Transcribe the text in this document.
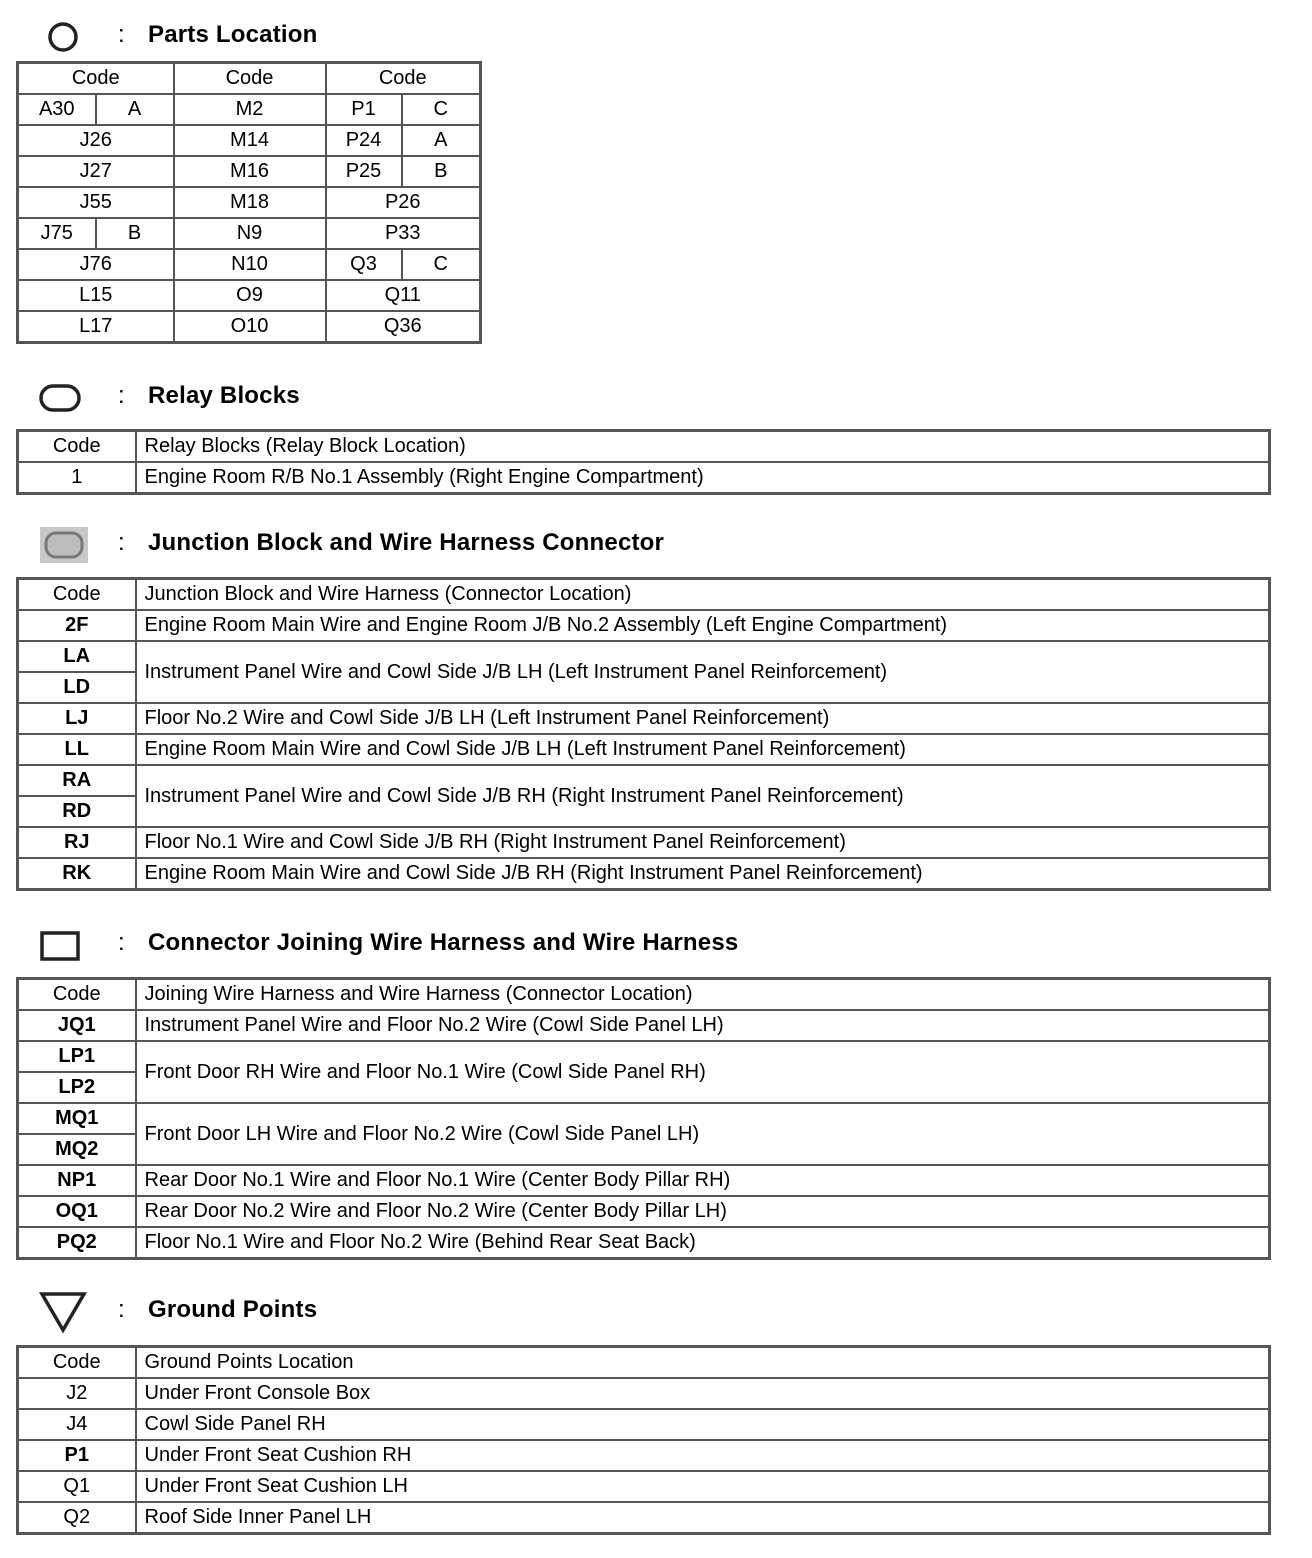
: Parts Location
Code		Code	Code	
A30	A	M2	P1	C
J26		M14	P24	A
J27		M16	P25	B
J55		M18	P26	
J75	B	N9	P33	
J76		N10	Q3	C
L15		O9	Q11	
L17		O10	Q36	
: Relay Blocks
Code	Relay Blocks (Relay Block Location)
1	Engine Room R/B No.1 Assembly (Right Engine Compartment)
: Junction Block and Wire Harness Connector
Code	Junction Block and Wire Harness (Connector Location)
2F	Engine Room Main Wire and Engine Room J/B No.2 Assembly (Left Engine Compartment)
LA	Instrument Panel Wire and Cowl Side J/B LH (Left Instrument Panel Reinforcement)
LD	
LJ	Floor No.2 Wire and Cowl Side J/B LH (Left Instrument Panel Reinforcement)
LL	Engine Room Main Wire and Cowl Side J/B LH (Left Instrument Panel Reinforcement)
RA	Instrument Panel Wire and Cowl Side J/B RH (Right Instrument Panel Reinforcement)
RD	
RJ	Floor No.1 Wire and Cowl Side J/B RH (Right Instrument Panel Reinforcement)
RK	Engine Room Main Wire and Cowl Side J/B RH (Right Instrument Panel Reinforcement)
: Connector Joining Wire Harness and Wire Harness
Code	Joining Wire Harness and Wire Harness (Connector Location)
JQ1	Instrument Panel Wire and Floor No.2 Wire (Cowl Side Panel LH)
LP1	Front Door RH Wire and Floor No.1 Wire (Cowl Side Panel RH)
LP2	
MQ1	Front Door LH Wire and Floor No.2 Wire (Cowl Side Panel LH)
MQ2	
NP1	Rear Door No.1 Wire and Floor No.1 Wire (Center Body Pillar RH)
OQ1	Rear Door No.2 Wire and Floor No.2 Wire (Center Body Pillar LH)
PQ2	Floor No.1 Wire and Floor No.2 Wire (Behind Rear Seat Back)
: Ground Points
Code	Ground Points Location
J2	Under Front Console Box
J4	Cowl Side Panel RH
P1	Under Front Seat Cushion RH
Q1	Under Front Seat Cushion LH
Q2	Roof Side Inner Panel LH
